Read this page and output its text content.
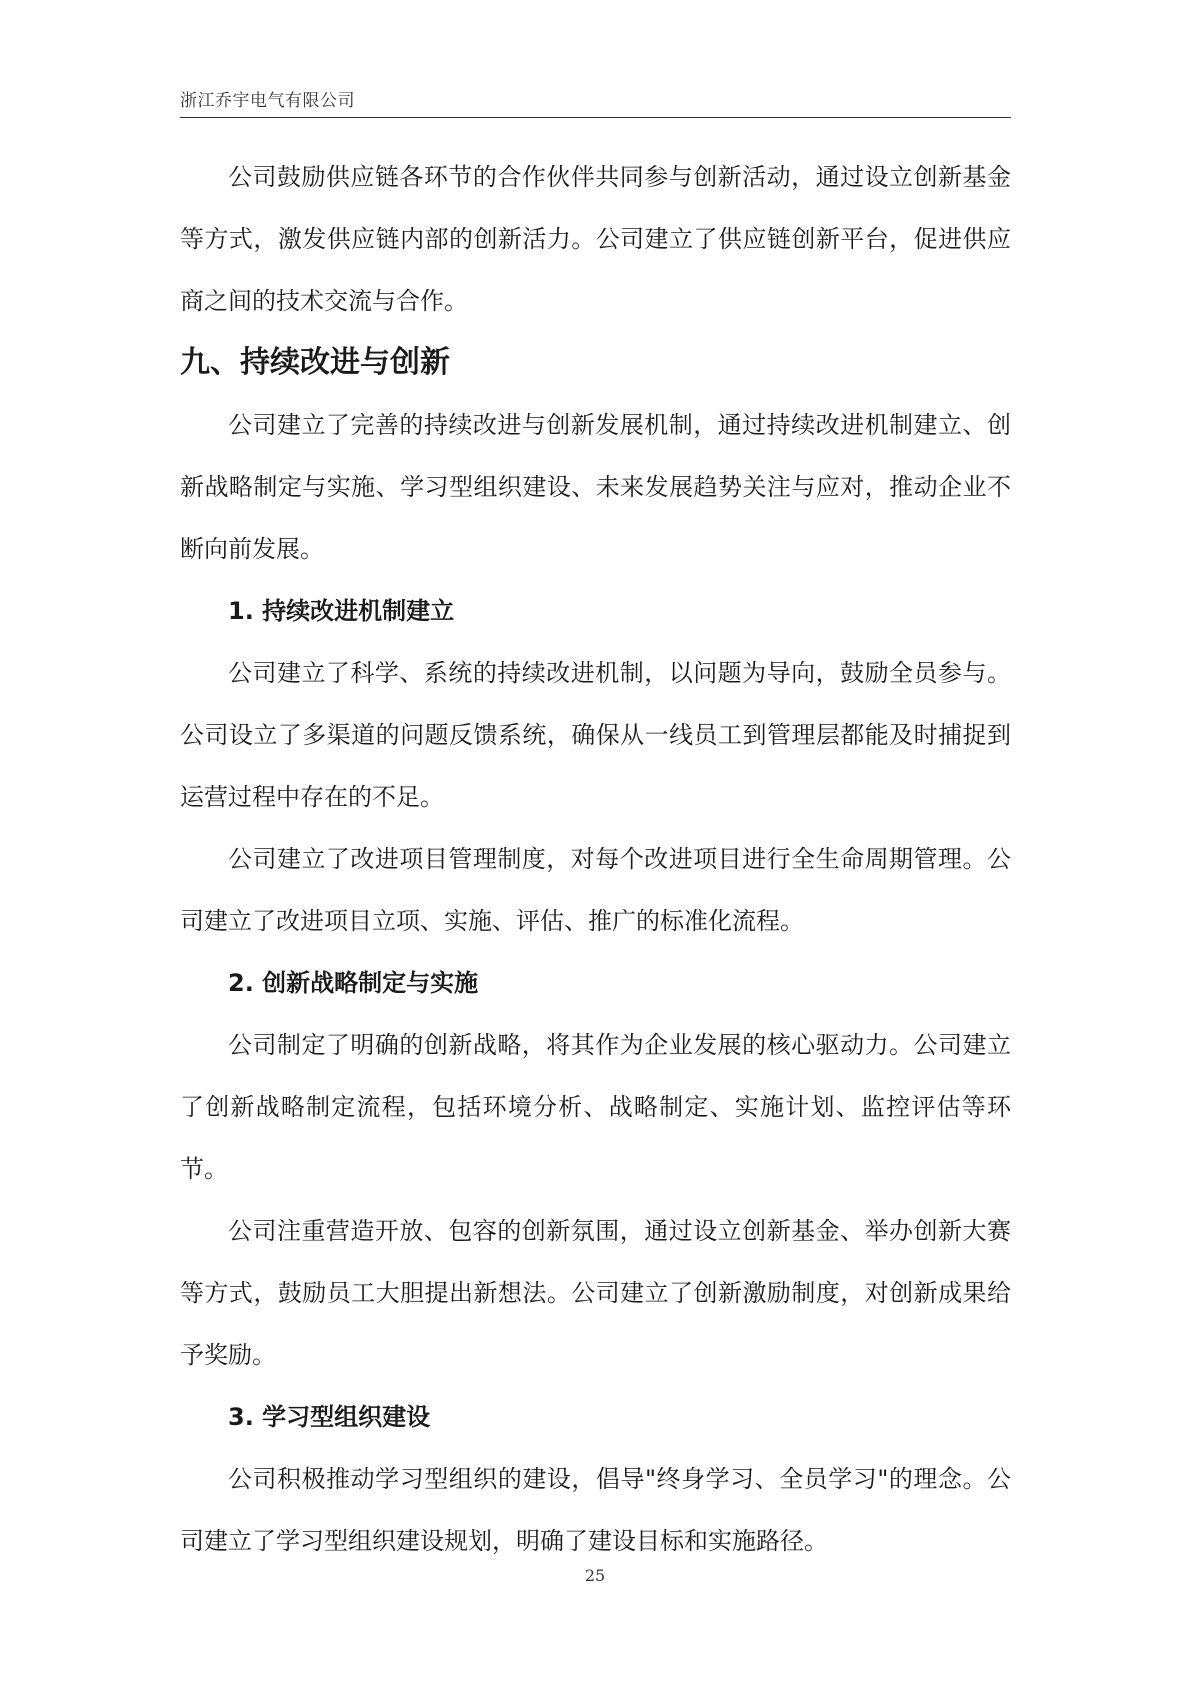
浙江乔宇电气有限公司

公司鼓励供应链各环节的合作伙伴共同参与创新活动，通过设立创新基金等方式，激发供应链内部的创新活力。公司建立了供应链创新平台，促进供应商之间的技术交流与合作。

九、持续改进与创新

公司建立了完善的持续改进与创新发展机制，通过持续改进机制建立、创新战略制定与实施、学习型组织建设、未来发展趋势关注与应对，推动企业不断向前发展。

1. 持续改进机制建立

公司建立了科学、系统的持续改进机制，以问题为导向，鼓励全员参与。公司设立了多渠道的问题反馈系统，确保从一线员工到管理层都能及时捕捉到运营过程中存在的不足。

公司建立了改进项目管理制度，对每个改进项目进行全生命周期管理。公司建立了改进项目立项、实施、评估、推广的标准化流程。

2. 创新战略制定与实施

公司制定了明确的创新战略，将其作为企业发展的核心驱动力。公司建立了创新战略制定流程，包括环境分析、战略制定、实施计划、监控评估等环节。

公司注重营造开放、包容的创新氛围，通过设立创新基金、举办创新大赛等方式，鼓励员工大胆提出新想法。公司建立了创新激励制度，对创新成果给予奖励。

3. 学习型组织建设

公司积极推动学习型组织的建设，倡导"终身学习、全员学习"的理念。公司建立了学习型组织建设规划，明确了建设目标和实施路径。

25
